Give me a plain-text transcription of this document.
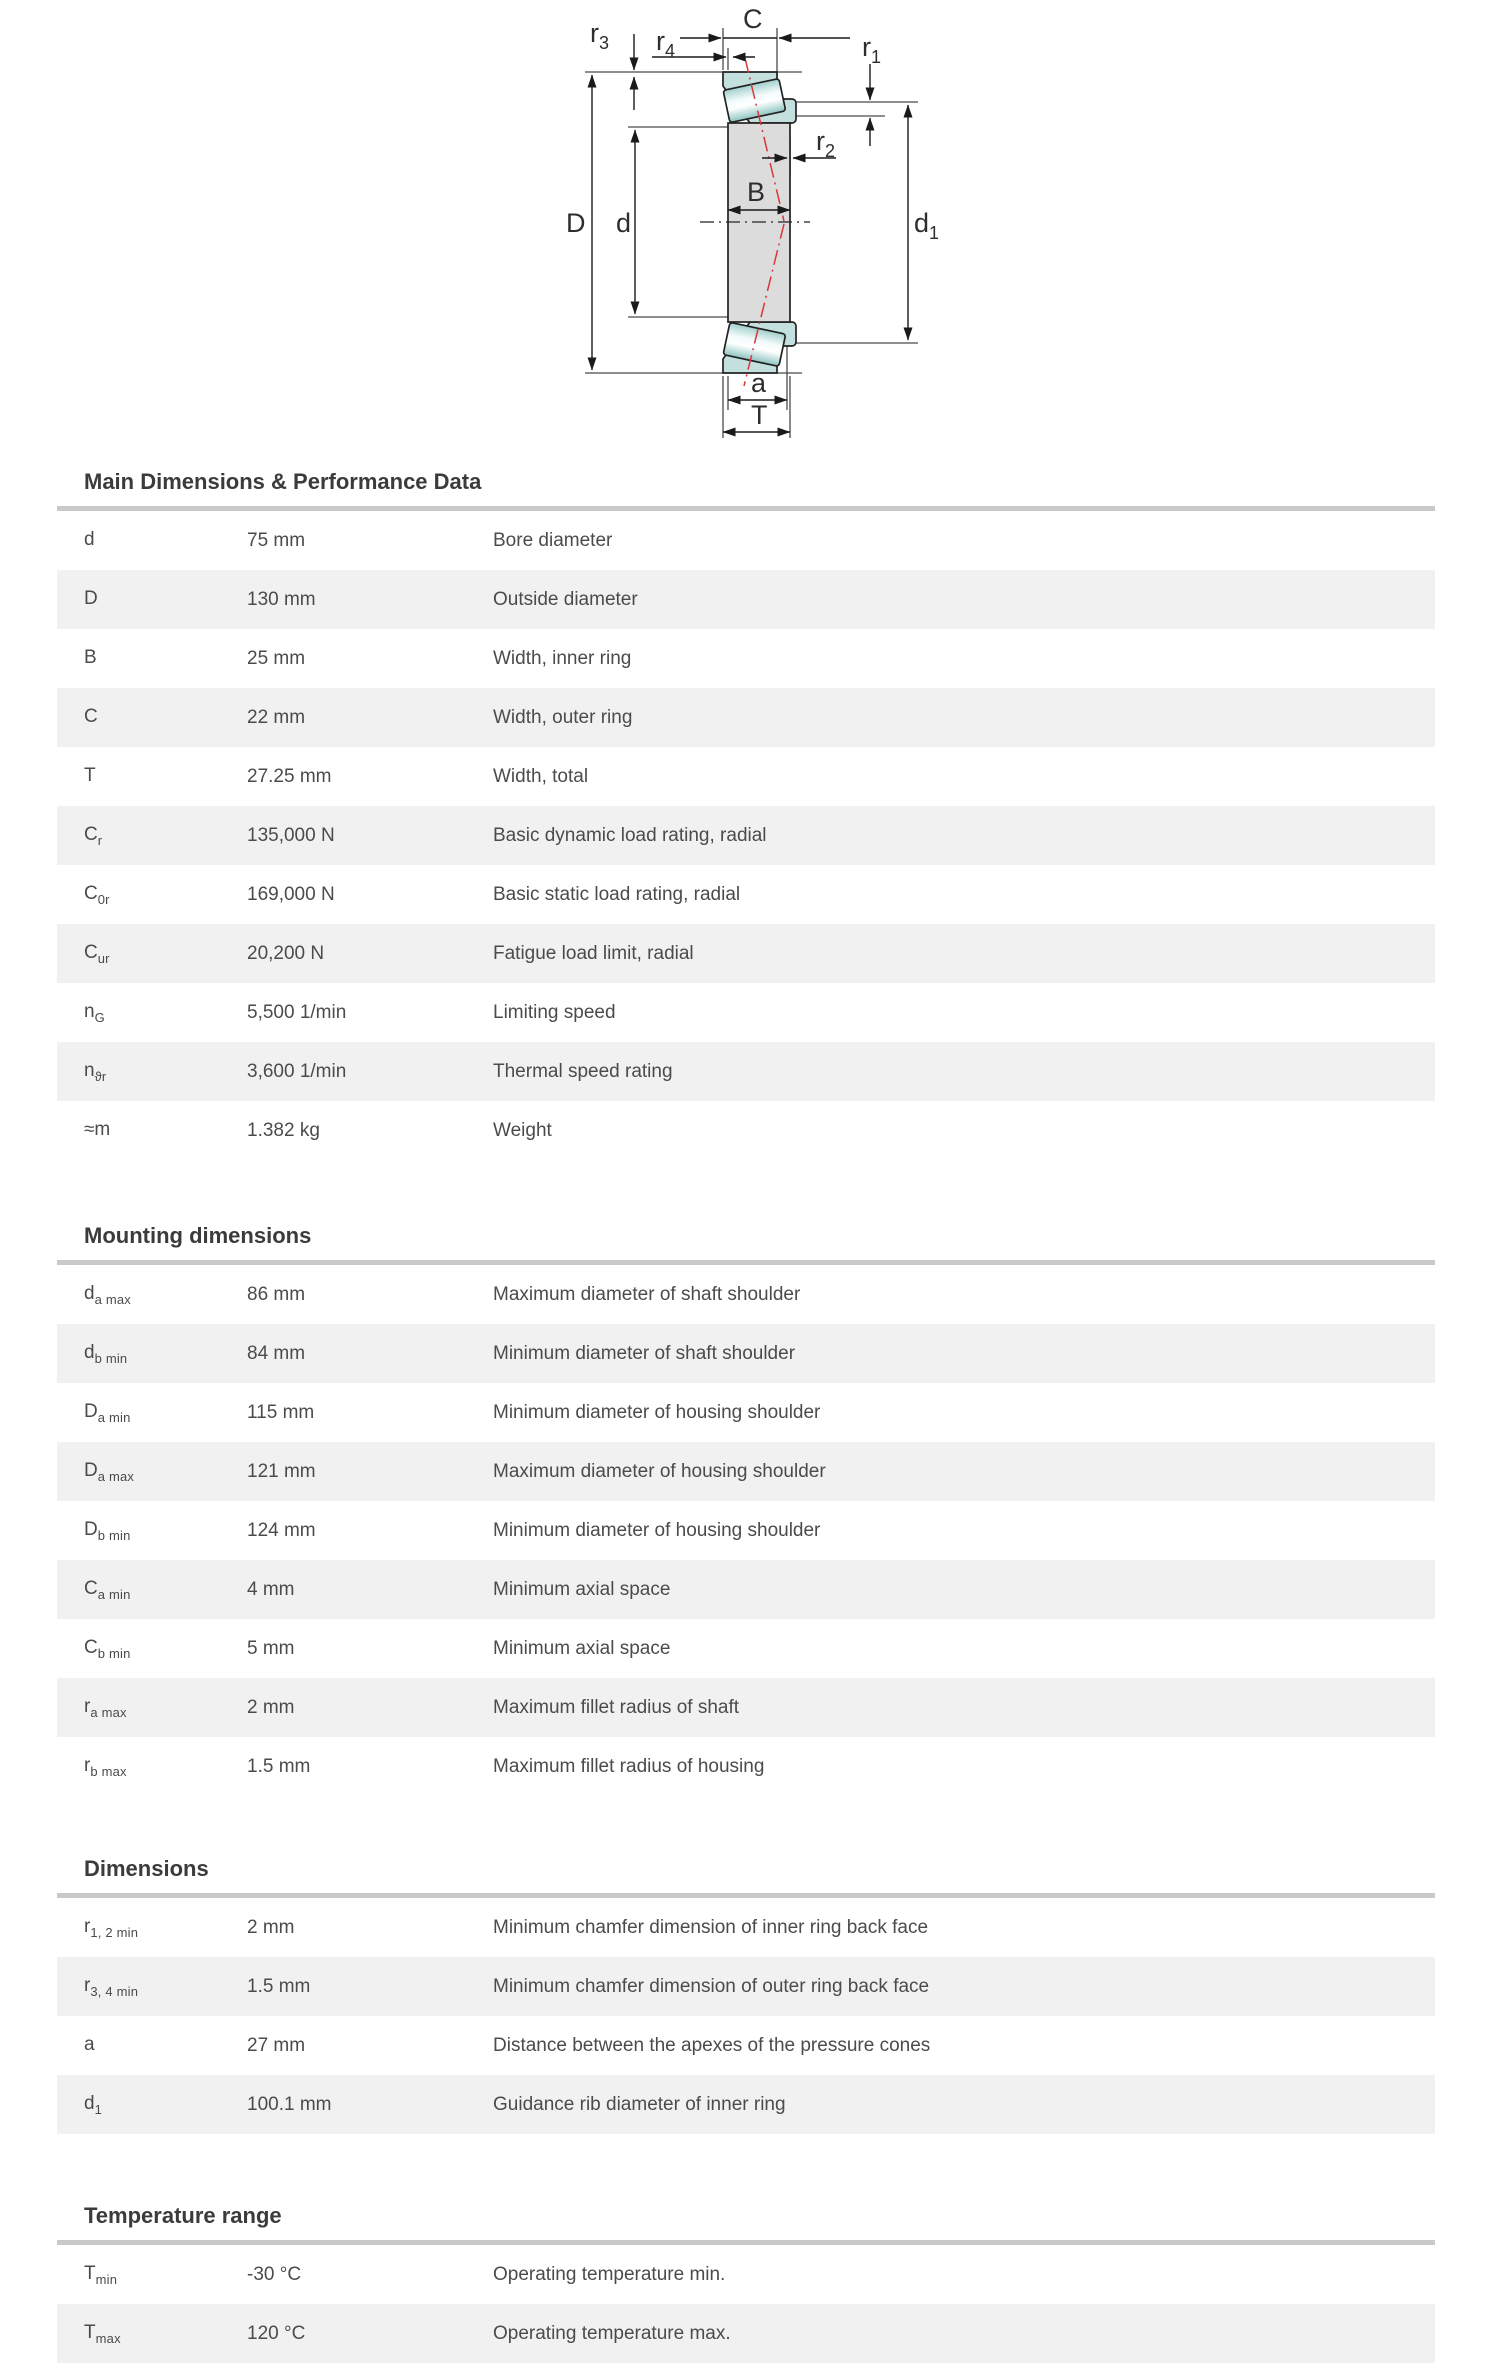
$r_3$ $r_4$
C
$r_1$
$r_2$
B
D d	$d_1$
a
T
Main Dimensions & Performance Data
d	75 mm	Bore diameter
D	130 mm	Outside diameter
B	25 mm	Width, inner ring
C	22 mm	Width, outer ring
T	27.25 mm	Width, total
$C_r$	135,000 N	Basic dynamic load rating, radial
$C_{0r}$	169,000 N	Basic static load rating, radial
$C_{ur}$	20,200 N	Fatigue load limit, radial
$n_G$	5,500 1/min	Limiting speed
$n_{ϑr}$	3,600 1/min	Thermal speed rating
≈m	1.382 kg	Weight
Mounting dimensions
$d_{a max}$	86 mm	Maximum diameter of shaft shoulder
$d_{b min}$	84 mm	Minimum diameter of shaft shoulder
$D_{a min}$	115 mm	Minimum diameter of housing shoulder
$D_{a max}$	121 mm	Maximum diameter of housing shoulder
$D_{b min}$	124 mm	Minimum diameter of housing shoulder
$C_{a min}$	4 mm	Minimum axial space
$C_{b min}$	5 mm	Minimum axial space
$r_{a max}$	2 mm	Maximum fillet radius of shaft
$r_{b max}$	1.5 mm	Maximum fillet radius of housing
Dimensions
$r_{1, 2 min}$	2 mm	Minimum chamfer dimension of inner ring back face
$r_{3, 4 min}$	1.5 mm	Minimum chamfer dimension of outer ring back face
a	27 mm	Distance between the apexes of the pressure cones
$d_1$	100.1 mm	Guidance rib diameter of inner ring
Temperature range
$T_{min}$	-30 °C	Operating temperature min.
$T_{max}$	120 °C	Operating temperature max.
